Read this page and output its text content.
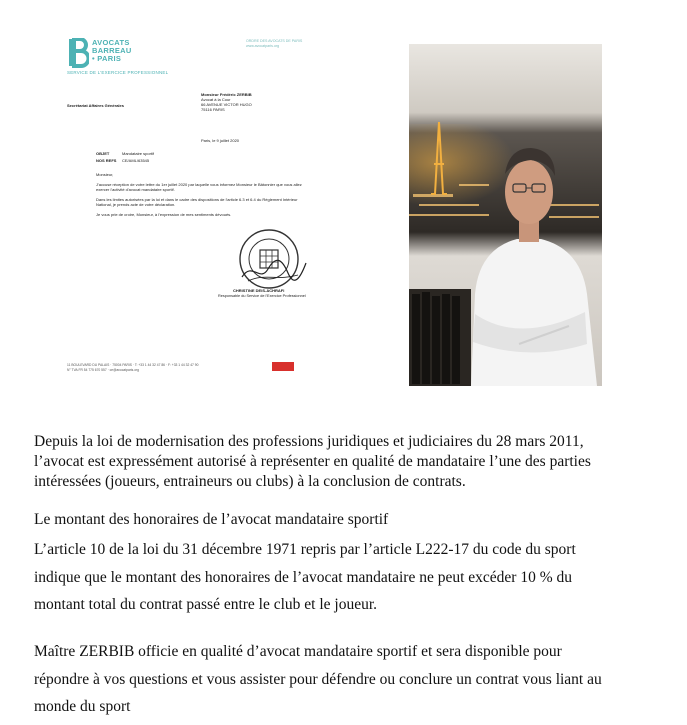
AVOCATS
BARREAU
• PARIS
SERVICE DE L'EXERCICE PROFESSIONNEL
ORDRE DES AVOCATS DE PARIS
www.avocatparis.org
Secrétariat Affaires Générales
Monsieur Frédéric ZERBIB
Avocat à la Cour
66 AVENUE VICTOR HUGO
75116 PARIS
Paris, le 9 juillet 2020
OBJET	Mandataire sportif
NOS REFS CE/AML/63545

Monsieur,

J'accuse réception de votre lettre du 1er juillet 2020 par laquelle vous informez Monsieur le Bâtonnier que vous allez exercer l'activité d'avocat mandataire sportif.

Dans les limites autorisées par la loi et dans le cadre des dispositions de l'article 6.3 et 6.4 du Règlement Intérieur National, je prends acte de votre déclaration.

Je vous prie de croire, Monsieur, à l'expression de mes sentiments dévoués.

CHRISTINE DEIS-ACHRAFI
Responsable du Service de l'Exercice Professionnel
11 BOULEVARD DU PALAIS · 75004 PARIS · T: +33 1 44 32 47 86 · F: +33 1 44 32 47 90
N° TVA FR 54 775 670 557 · ce@avocatparis.org
Depuis la loi de modernisation des professions juridiques et judiciaires du 28 mars 2011,
l’avocat est expressément autorisé à représenter en qualité de mandataire l’une des parties
intéressées (joueurs, entraineurs ou clubs) à la conclusion de contrats.
Le montant des honoraires de l’avocat mandataire sportif
L’article 10 de la loi du 31 décembre 1971 repris par l’article L222-17 du code du sport
indique que le montant des honoraires de l’avocat mandataire ne peut excéder 10 % du
montant total du contrat passé entre le club et le joueur.
Maître ZERBIB officie en qualité d’avocat mandataire sportif et sera disponible pour
répondre à vos questions et vous assister pour défendre ou conclure un contrat vous liant au
monde du sport
